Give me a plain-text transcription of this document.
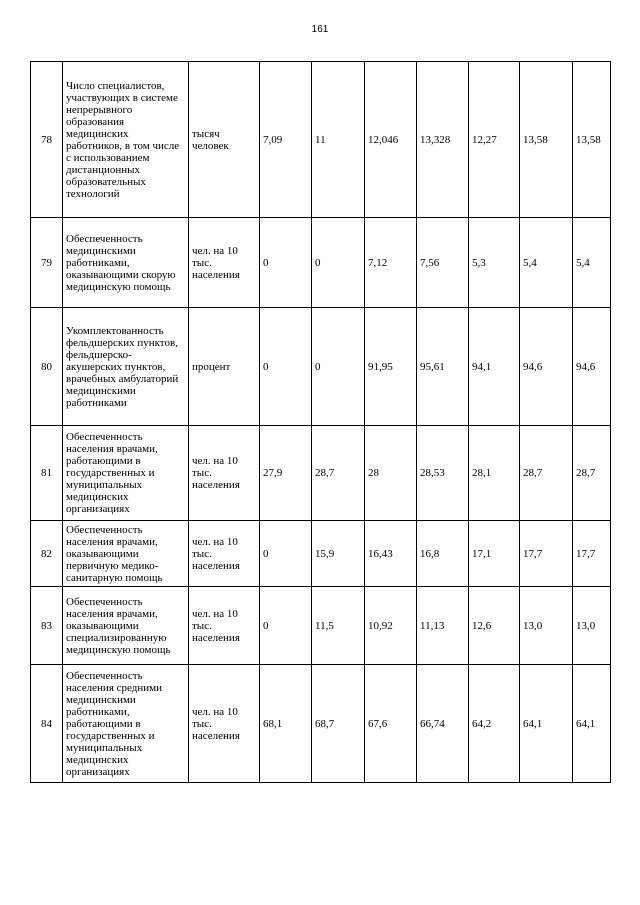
161
78	Число специалистов, участвующих в системе непрерывного образования медицинских работников, в том числе с использованием дистанционных образовательных технологий	тысяч человек	7,09	11	12,046	13,328	12,27	13,58	13,58
79	Обеспеченность медицинскими работниками, оказывающими скорую медицинскую помощь	чел. на 10 тыс. населения	0	0	7,12	7,56	5,3	5,4	5,4
80	Укомплектованность фельдшерских пунктов, фельдшерско-акушерских пунктов, врачебных амбулаторий медицинскими работниками	процент	0	0	91,95	95,61	94,1	94,6	94,6
81	Обеспеченность населения врачами, работающими в государственных и муниципальных медицинских организациях	чел. на 10 тыс. населения	27,9	28,7	28	28,53	28,1	28,7	28,7
82	Обеспеченность населения врачами, оказывающими первичную медико-санитарную помощь	чел. на 10 тыс. населения	0	15,9	16,43	16,8	17,1	17,7	17,7
83	Обеспеченность населения врачами, оказывающими специализированную медицинскую помощь	чел. на 10 тыс. населения	0	11,5	10,92	11,13	12,6	13,0	13,0
84	Обеспеченность населения средними медицинскими работниками, работающими в государственных и муниципальных медицинских организациях	чел. на 10 тыс. населения	68,1	68,7	67,6	66,74	64,2	64,1	64,1
